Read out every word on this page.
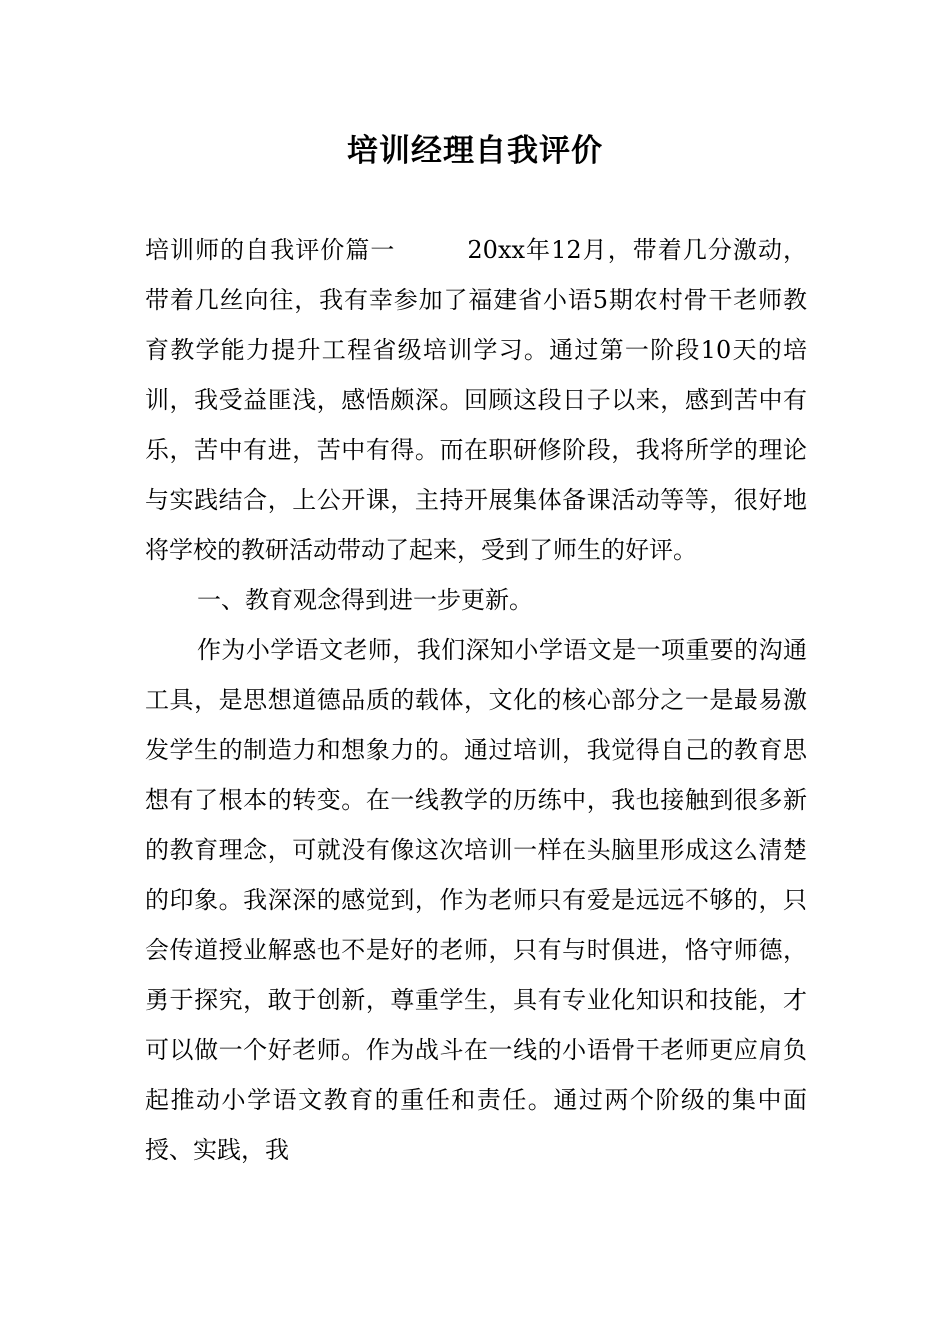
培训经理自我评价

培训师的自我评价篇一	20xx年12月，带着几分激动，带着几丝向往，我有幸参加了福建省小语5期农村骨干老师教育教学能力提升工程省级培训学习。通过第一阶段10天的培训，我受益匪浅，感悟颇深。回顾这段日子以来，感到苦中有乐，苦中有进，苦中有得。而在职研修阶段，我将所学的理论与实践结合，上公开课，主持开展集体备课活动等等，很好地将学校的教研活动带动了起来，受到了师生的好评。

一、教育观念得到进一步更新。

作为小学语文老师，我们深知小学语文是一项重要的沟通工具，是思想道德品质的载体，文化的核心部分之一是最易激发学生的制造力和想象力的。通过培训，我觉得自己的教育思想有了根本的转变。在一线教学的历练中，我也接触到很多新的教育理念，可就没有像这次培训一样在头脑里形成这么清楚的印象。我深深的感觉到，作为老师只有爱是远远不够的，只会传道授业解惑也不是好的老师，只有与时俱进，恪守师德，勇于探究，敢于创新，尊重学生，具有专业化知识和技能，才可以做一个好老师。作为战斗在一线的小语骨干老师更应肩负起推动小学语文教育的重任和责任。通过两个阶级的集中面授、实践，我
